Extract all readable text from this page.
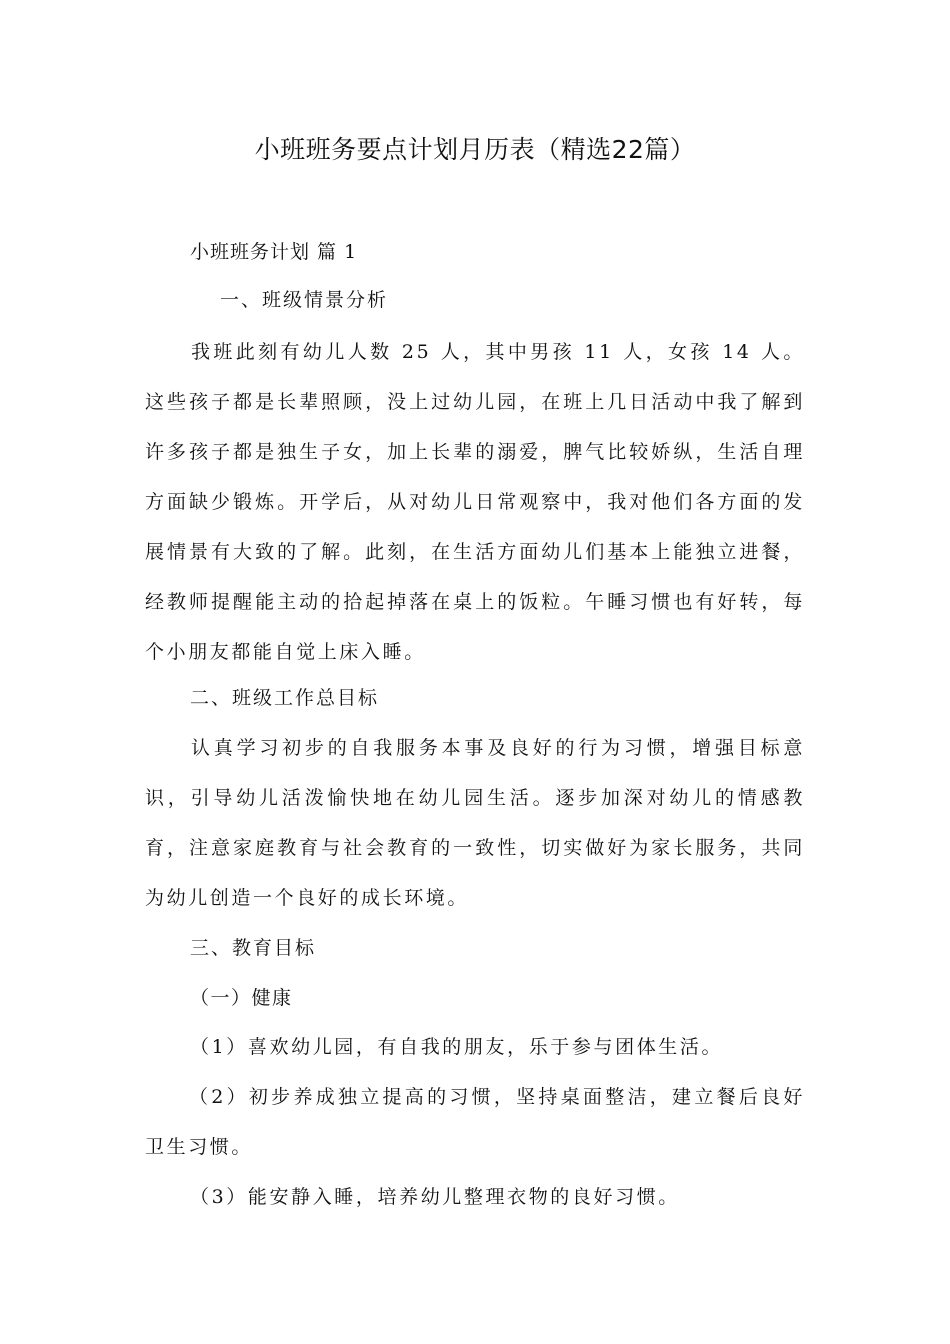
小班班务要点计划月历表（精选22篇）

小班班务计划 篇 1

一、班级情景分析

我班此刻有幼儿人数 25 人，其中男孩 11 人，女孩 14 人。这些孩子都是长辈照顾，没上过幼儿园，在班上几日活动中我了解到许多孩子都是独生子女，加上长辈的溺爱，脾气比较娇纵，生活自理方面缺少锻炼。开学后，从对幼儿日常观察中，我对他们各方面的发展情景有大致的了解。此刻，在生活方面幼儿们基本上能独立进餐，经教师提醒能主动的拾起掉落在桌上的饭粒。午睡习惯也有好转，每个小朋友都能自觉上床入睡。

二、班级工作总目标

认真学习初步的自我服务本事及良好的行为习惯，增强目标意识，引导幼儿活泼愉快地在幼儿园生活。逐步加深对幼儿的情感教育，注意家庭教育与社会教育的一致性，切实做好为家长服务，共同为幼儿创造一个良好的成长环境。

三、教育目标

（一）健康

（1）喜欢幼儿园，有自我的朋友，乐于参与团体生活。

（2）初步养成独立提高的习惯，坚持桌面整洁，建立餐后良好卫生习惯。

（3）能安静入睡，培养幼儿整理衣物的良好习惯。
